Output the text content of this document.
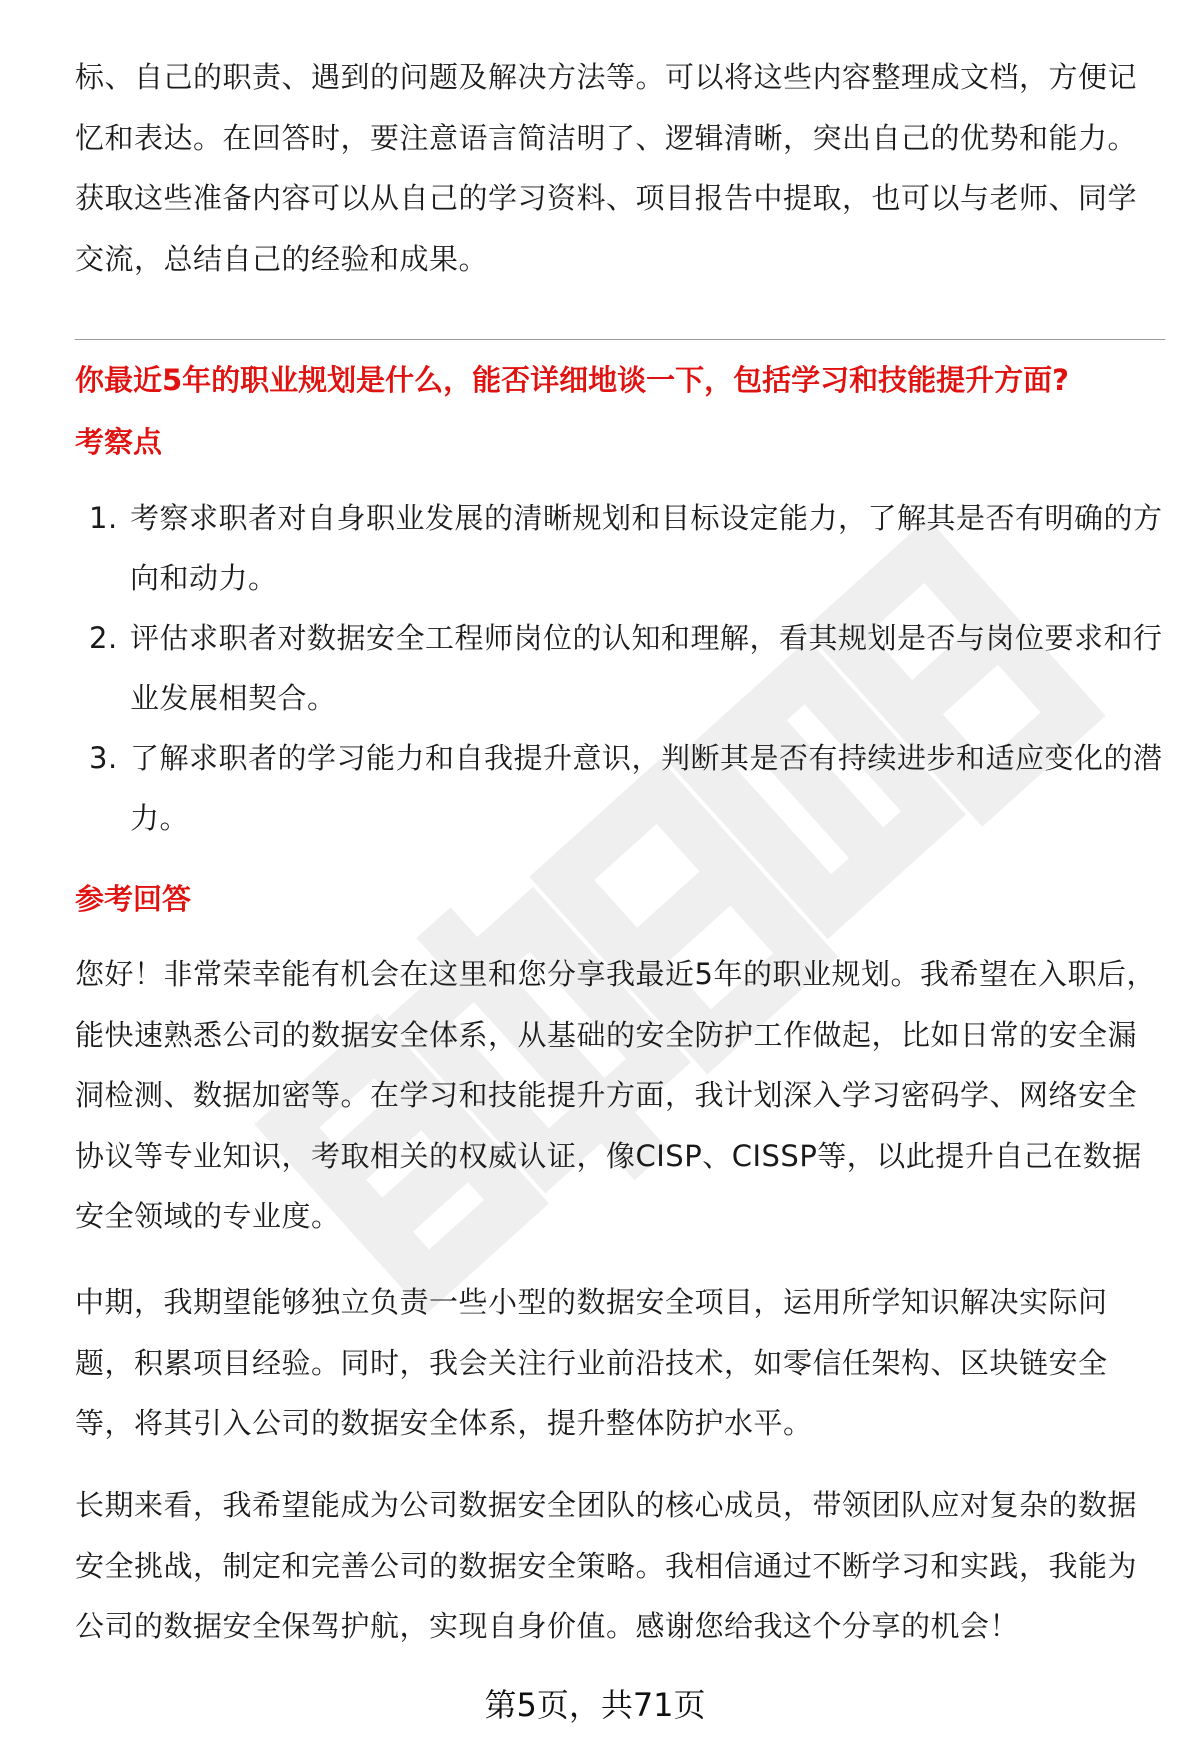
标、自己的职责、遇到的问题及解决方法等。可以将这些内容整理成文档，方便记忆和表达。在回答时，要注意语言简洁明了、逻辑清晰，突出自己的优势和能力。获取这些准备内容可以从自己的学习资料、项目报告中提取，也可以与老师、同学交流，总结自己的经验和成果。

你最近5年的职业规划是什么，能否详细地谈一下，包括学习和技能提升方面?

考察点

1. 考察求职者对自身职业发展的清晰规划和目标设定能力，了解其是否有明确的方向和动力。
2. 评估求职者对数据安全工程师岗位的认知和理解，看其规划是否与岗位要求和行业发展相契合。
3. 了解求职者的学习能力和自我提升意识，判断其是否有持续进步和适应变化的潜力。

参考回答

您好！非常荣幸能有机会在这里和您分享我最近5年的职业规划。我希望在入职后，能快速熟悉公司的数据安全体系，从基础的安全防护工作做起，比如日常的安全漏洞检测、数据加密等。在学习和技能提升方面，我计划深入学习密码学、网络安全协议等专业知识，考取相关的权威认证，像CISP、CISSP等，以此提升自己在数据安全领域的专业度。

中期，我期望能够独立负责一些小型的数据安全项目，运用所学知识解决实际问题，积累项目经验。同时，我会关注行业前沿技术，如零信任架构、区块链安全等，将其引入公司的数据安全体系，提升整体防护水平。

长期来看，我希望能成为公司数据安全团队的核心成员，带领团队应对复杂的数据安全挑战，制定和完善公司的数据安全策略。我相信通过不断学习和实践，我能为公司的数据安全保驾护航，实现自身价值。感谢您给我这个分享的机会！

第5页，共71页
